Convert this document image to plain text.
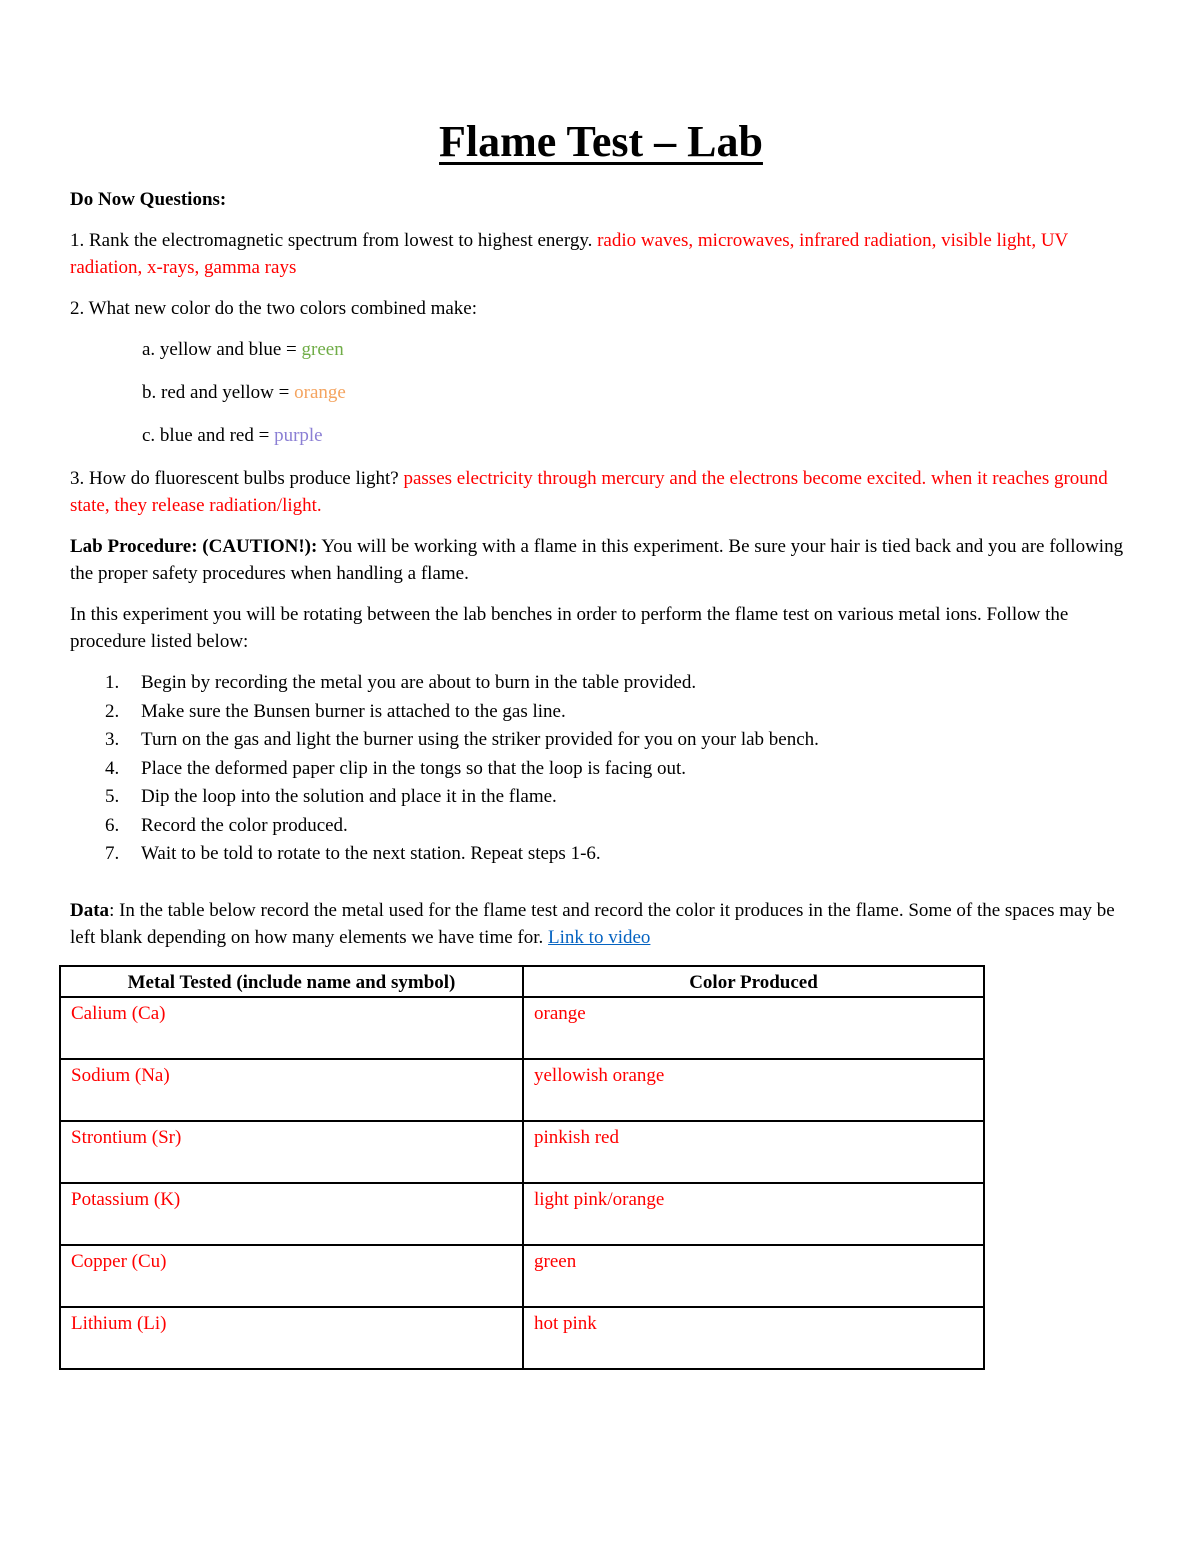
Flame Test – Lab

Do Now Questions:

1. Rank the electromagnetic spectrum from lowest to highest energy. radio waves, microwaves, infrared radiation, visible light, UV radiation, x-rays, gamma rays

2. What new color do the two colors combined make:

a. yellow and blue = green

b. red and yellow = orange

c. blue and red = purple

3. How do fluorescent bulbs produce light? passes electricity through mercury and the electrons become excited. when it reaches ground state, they release radiation/light.

Lab Procedure: (CAUTION!): You will be working with a flame in this experiment. Be sure your hair is tied back and you are following the proper safety procedures when handling a flame.

In this experiment you will be rotating between the lab benches in order to perform the flame test on various metal ions. Follow the procedure listed below:

1.	Begin by recording the metal you are about to burn in the table provided.
2.	Make sure the Bunsen burner is attached to the gas line.
3.	Turn on the gas and light the burner using the striker provided for you on your lab bench.
4.	Place the deformed paper clip in the tongs so that the loop is facing out.
5.	Dip the loop into the solution and place it in the flame.
6.	Record the color produced.
7.	Wait to be told to rotate to the next station. Repeat steps 1-6.

Data: In the table below record the metal used for the flame test and record the color it produces in the flame. Some of the spaces may be left blank depending on how many elements we have time for. Link to video

Metal Tested (include name and symbol)	Color Produced
Calium (Ca)	orange
Sodium (Na)	yellowish orange
Strontium (Sr)	pinkish red
Potassium (K)	light pink/orange
Copper (Cu)	green
Lithium (Li)	hot pink
